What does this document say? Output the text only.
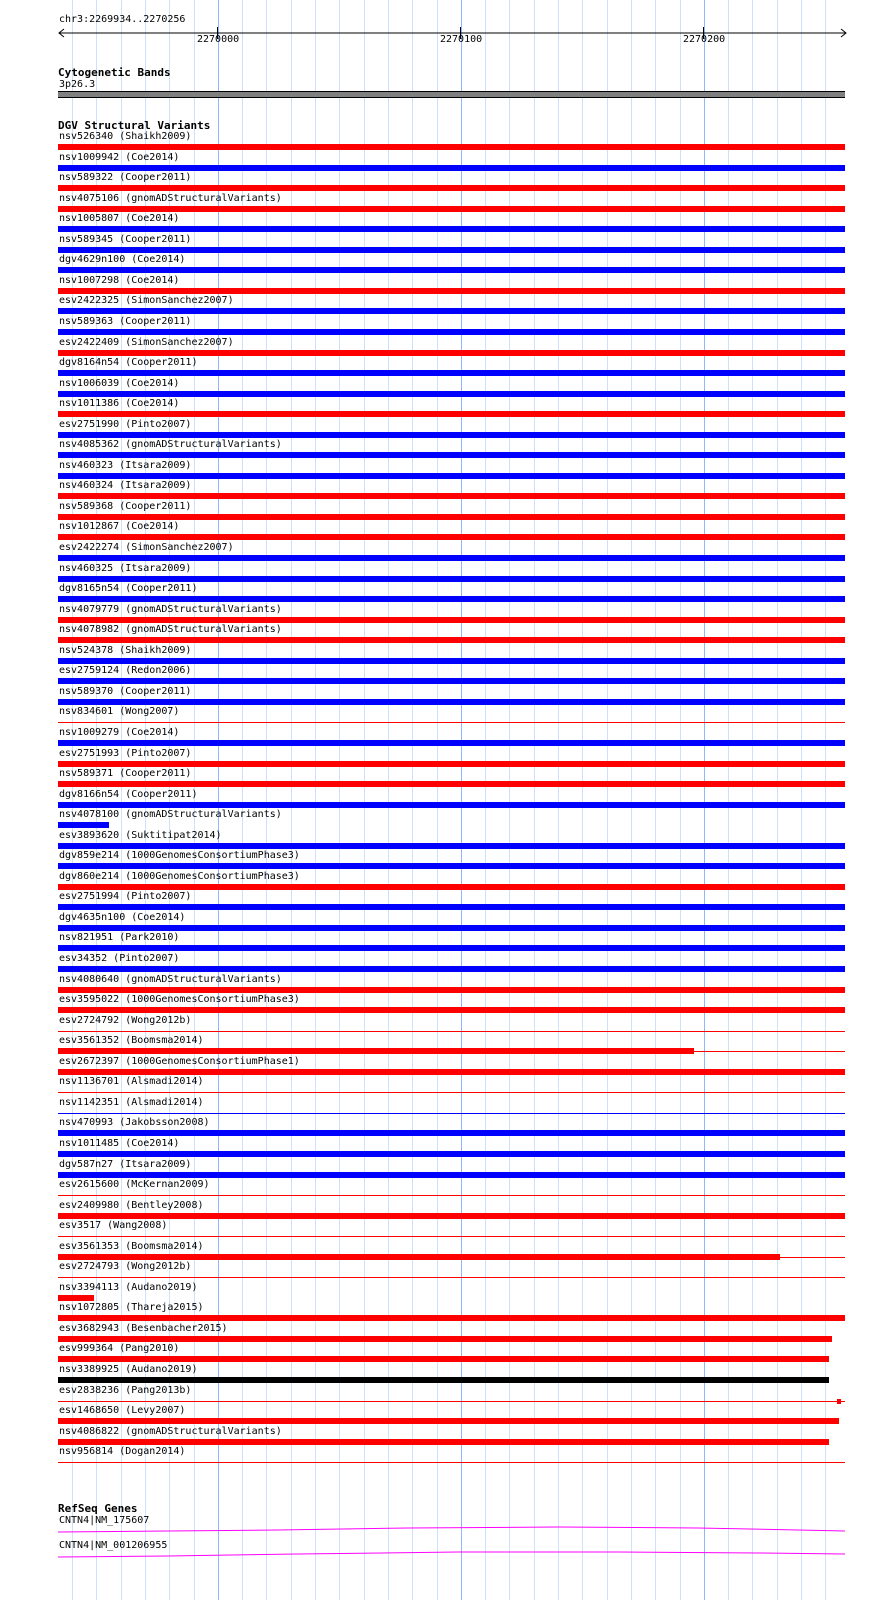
chr3:2269934..2270256
2270000	2270100	2270200
Cytogenetic Bands
3p26.3
DGV Structural Variants
nsv526340 (Shaikh2009)
nsv1009942 (Coe2014)
nsv589322 (Cooper2011)
nsv4075106 (gnomADStructuralVariants)
nsv1005807 (Coe2014)
nsv589345 (Cooper2011)
dgv4629n100 (Coe2014)
nsv1007298 (Coe2014)
esv2422325 (SimonSanchez2007)
nsv589363 (Cooper2011)
esv2422409 (SimonSanchez2007)
dgv8164n54 (Cooper2011)
nsv1006039 (Coe2014)
nsv1011386 (Coe2014)
esv2751990 (Pinto2007)
nsv4085362 (gnomADStructuralVariants)
nsv460323 (Itsara2009)
nsv460324 (Itsara2009)
nsv589368 (Cooper2011)
nsv1012867 (Coe2014)
esv2422274 (SimonSanchez2007)
nsv460325 (Itsara2009)
dgv8165n54 (Cooper2011)
nsv4079779 (gnomADStructuralVariants)
nsv4078982 (gnomADStructuralVariants)
nsv524378 (Shaikh2009)
esv2759124 (Redon2006)
nsv589370 (Cooper2011)
nsv834601 (Wong2007)
nsv1009279 (Coe2014)
esv2751993 (Pinto2007)
nsv589371 (Cooper2011)
dgv8166n54 (Cooper2011)
nsv4078100 (gnomADStructuralVariants)
esv3893620 (Suktitipat2014)
dgv859e214 (1000GenomesConsortiumPhase3)
dgv860e214 (1000GenomesConsortiumPhase3)
esv2751994 (Pinto2007)
dgv4635n100 (Coe2014)
nsv821951 (Park2010)
esv34352 (Pinto2007)
nsv4080640 (gnomADStructuralVariants)
esv3595022 (1000GenomesConsortiumPhase3)
esv2724792 (Wong2012b)
esv3561352 (Boomsma2014)
esv2672397 (1000GenomesConsortiumPhase1)
nsv1136701 (Alsmadi2014)
nsv1142351 (Alsmadi2014)
nsv470993 (Jakobsson2008)
nsv1011485 (Coe2014)
dgv587n27 (Itsara2009)
esv2615600 (McKernan2009)
esv2409980 (Bentley2008)
esv3517 (Wang2008)
esv3561353 (Boomsma2014)
esv2724793 (Wong2012b)
nsv3394113 (Audano2019)
nsv1072805 (Thareja2015)
esv3682943 (Besenbacher2015)
esv999364 (Pang2010)
nsv3389925 (Audano2019)
esv2838236 (Pang2013b)
esv1468650 (Levy2007)
nsv4086822 (gnomADStructuralVariants)
nsv956814 (Dogan2014)
RefSeq Genes
CNTN4|NM_175607
CNTN4|NM_001206955
